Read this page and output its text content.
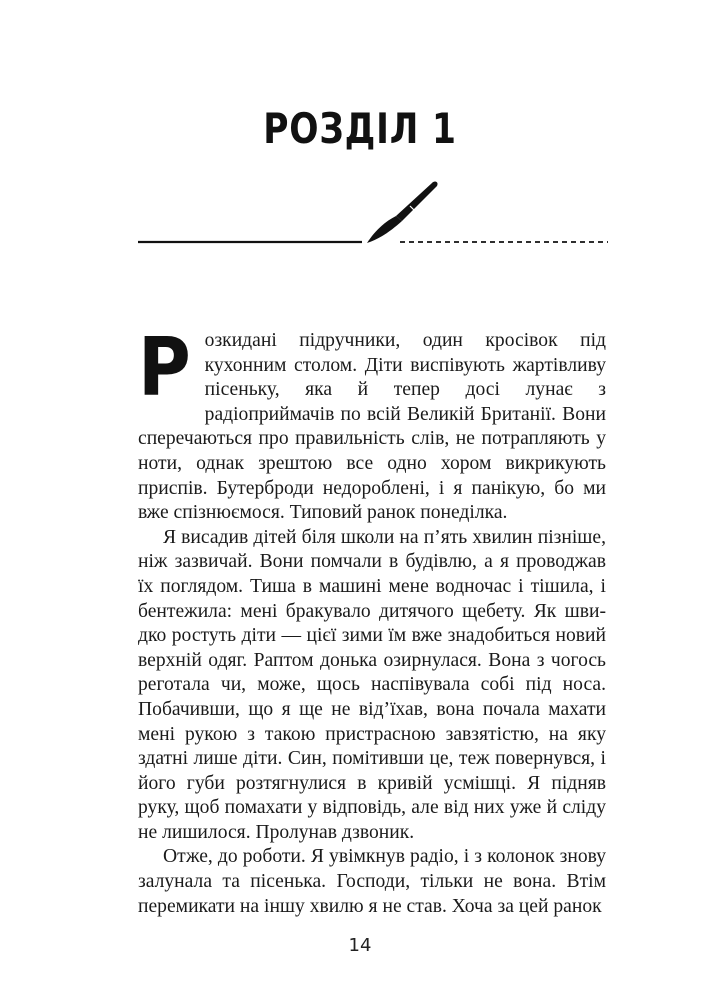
РОЗДІЛ 1

Розкидані підручники, один кросівок під кухонним столом. Діти виспівують жартівливу пісеньку, яка й тепер досі лунає з радіоприймачів по всій Великій Британії. Вони сперечаються про правильність слів, не потрапляють у ноти, однак зрештою все одно хором викрикують приспів. Бутерброди недороблені, і я панікую, бо ми вже спізнюємося. Типовий ранок понеділка.

Я висадив дітей біля школи на п’ять хвилин пізніше, ніж зазвичай. Вони помчали в будівлю, а я проводжав їх поглядом. Тиша в машині мене водночас і тішила, і бентежила: мені бракувало дитячого щебету. Як швидко ростуть діти — цієї зими їм вже знадобиться новий верхній одяг. Раптом донька озирнулася. Вона з чогось реготала чи, може, щось наспівувала собі під носа. Побачивши, що я ще не від’їхав, вона почала махати мені рукою з такою пристрасною завзятістю, на яку здатні лише діти. Син, помітивши це, теж повернувся, і його губи розтягнулися в кривій усмішці. Я підняв руку, щоб помахати у відповідь, але від них уже й сліду не лишилося. Пролунав дзвоник.

Отже, до роботи. Я увімкнув радіо, і з колонок знову залунала та пісенька. Господи, тільки не вона. Втім перемикати на іншу хвилю я не став. Хоча за цей ранок

14
